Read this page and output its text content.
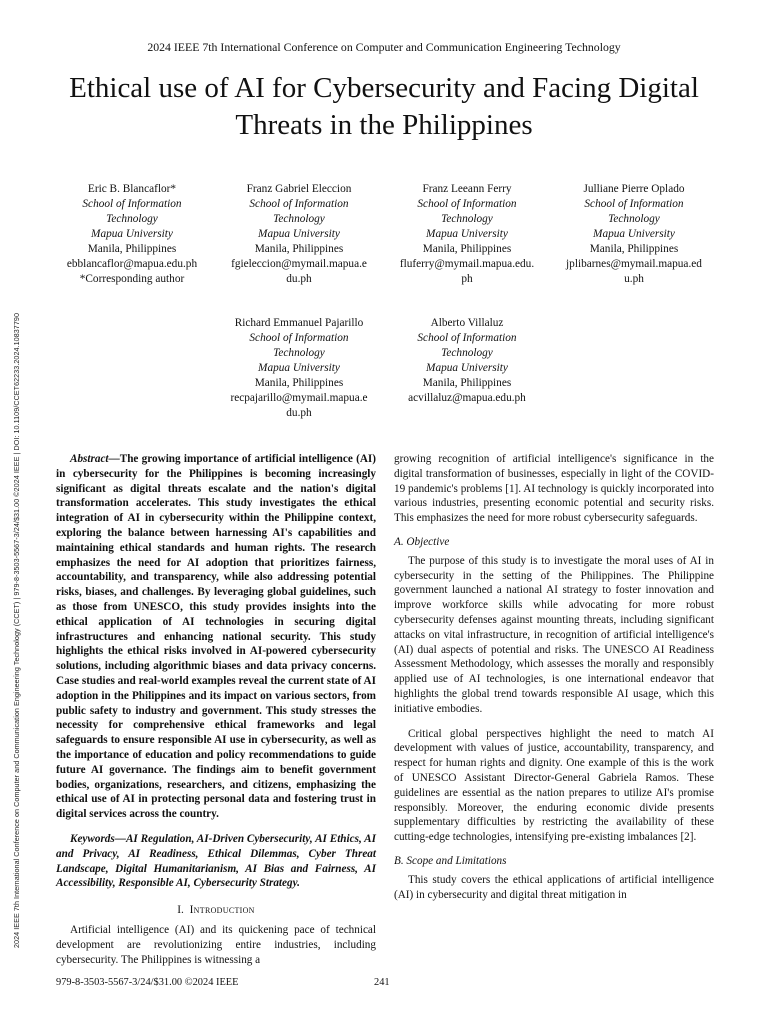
2024 IEEE 7th International Conference on Computer and Communication Engineering Technology (CCET) | 979-8-3503-5567-3/24/$31.00 ©2024 IEEE | DOI: 10.1109/CCET62233.2024.10837790
2024 IEEE 7th International Conference on Computer and Communication Engineering Technology
Ethical use of AI for Cybersecurity and Facing Digital
Threats in the Philippines
Eric B. Blancaflor*
School of Information
Technology
Mapua University
Manila, Philippines
ebblancaflor@mapua.edu.ph
*Corresponding author
Franz Gabriel Eleccion
School of Information
Technology
Mapua University
Manila, Philippines
fgieleccion@mymail.mapua.e
du.ph
Franz Leeann Ferry
School of Information
Technology
Mapua University
Manila, Philippines
fluferry@mymail.mapua.edu.
ph
Julliane Pierre Oplado
School of Information
Technology
Mapua University
Manila, Philippines
jplibarnes@mymail.mapua.ed
u.ph
Richard Emmanuel Pajarillo
School of Information
Technology
Mapua University
Manila, Philippines
recpajarillo@mymail.mapua.e
du.ph
Alberto Villaluz
School of Information
Technology
Mapua University
Manila, Philippines
acvillaluz@mapua.edu.ph

Abstract—The growing importance of artificial intelligence (AI) in cybersecurity for the Philippines is becoming increasingly significant as digital threats escalate and the nation's digital transformation accelerates. This study investigates the ethical integration of AI in cybersecurity within the Philippine context, exploring the balance between harnessing AI's capabilities and maintaining ethical standards and human rights. The research emphasizes the need for AI adoption that prioritizes fairness, accountability, and transparency, while also addressing potential risks, biases, and challenges. By leveraging global guidelines, such as those from UNESCO, this study provides insights into the ethical application of AI technologies in securing digital infrastructures and enhancing national security. This study highlights the ethical risks involved in AI-powered cybersecurity solutions, including algorithmic biases and data privacy concerns. Case studies and real-world examples reveal the current state of AI adoption in the Philippines and its impact on various sectors, from public safety to industry and government. This study stresses the necessity for comprehensive ethical frameworks and legal safeguards to ensure responsible AI use in cybersecurity, as well as the importance of education and policy recommendations to guide future AI governance. The findings aim to benefit government bodies, organizations, researchers, and citizens, emphasizing the ethical use of AI in protecting personal data and fostering trust in digital services across the country.

Keywords—AI Regulation, AI-Driven Cybersecurity, AI Ethics, AI and Privacy, AI Readiness, Ethical Dilemmas, Cyber Threat Landscape, Digital Humanitarianism, AI Bias and Fairness, AI Accessibility, Responsible AI, Cybersecurity Strategy.

I. Introduction

Artificial intelligence (AI) and its quickening pace of technical development are revolutionizing entire industries, including cybersecurity. The Philippines is witnessing a

growing recognition of artificial intelligence's significance in the digital transformation of businesses, especially in light of the COVID-19 pandemic's problems [1]. AI technology is quickly incorporated into various industries, presenting economic potential and security risks. This emphasizes the need for more robust cybersecurity safeguards.

A. Objective

The purpose of this study is to investigate the moral uses of AI in cybersecurity in the setting of the Philippines. The Philippine government launched a national AI strategy to foster innovation and improve workforce skills while advocating for more robust cybersecurity defenses against mounting threats, including significant attacks on vital infrastructure, in recognition of artificial intelligence's (AI) dual aspects of potential and risks. The UNESCO AI Readiness Assessment Methodology, which assesses the morally and responsibly applied use of AI technologies, is one international endeavor that highlights the global trend towards responsible AI usage, which this initiative embodies.

Critical global perspectives highlight the need to match AI development with values of justice, accountability, transparency, and respect for human rights and dignity. One example of this is the work of UNESCO Assistant Director-General Gabriela Ramos. These guidelines are essential as the nation prepares to utilize AI's promise responsibly. Moreover, the enduring economic divide presents supplementary difficulties by restricting the availability of these cutting-edge technologies, intensifying pre-existing imbalances [2].

B. Scope and Limitations

This study covers the ethical applications of artificial intelligence (AI) in cybersecurity and digital threat mitigation in

979-8-3503-5567-3/24/$31.00 ©2024 IEEE	241
